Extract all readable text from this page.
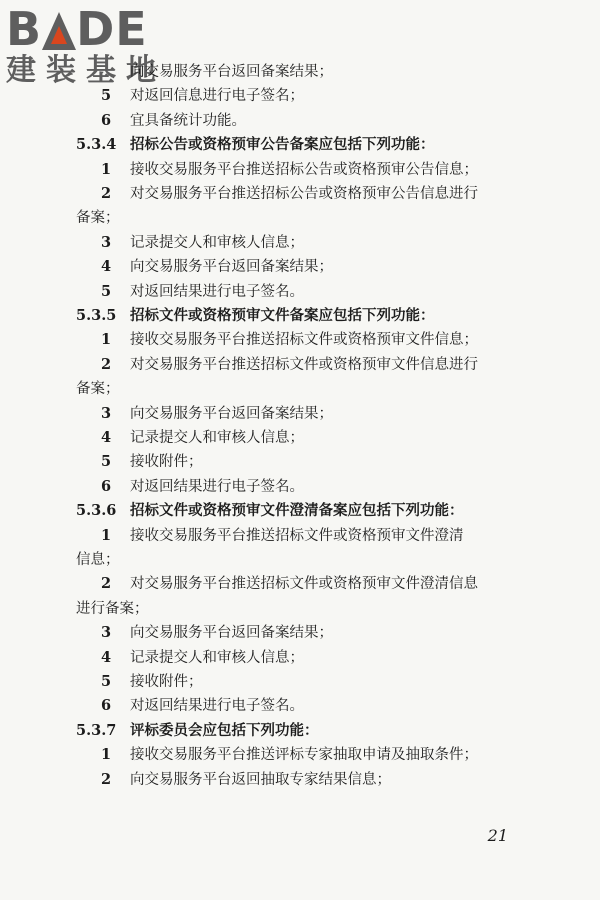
B DE
建装基地
向交易服务平台返回备案结果；
5 对返回信息进行电子签名；
6 宜具备统计功能。
5.3.4 招标公告或资格预审公告备案应包括下列功能：
1 接收交易服务平台推送招标公告或资格预审公告信息；
2 对交易服务平台推送招标公告或资格预审公告信息进行
备案；
3 记录提交人和审核人信息；
4 向交易服务平台返回备案结果；
5 对返回结果进行电子签名。
5.3.5 招标文件或资格预审文件备案应包括下列功能：
1 接收交易服务平台推送招标文件或资格预审文件信息；
2 对交易服务平台推送招标文件或资格预审文件信息进行
备案；
3 向交易服务平台返回备案结果；
4 记录提交人和审核人信息；
5 接收附件；
6 对返回结果进行电子签名。
5.3.6 招标文件或资格预审文件澄清备案应包括下列功能：
1 接收交易服务平台推送招标文件或资格预审文件澄清
信息；
2 对交易服务平台推送招标文件或资格预审文件澄清信息
进行备案；
3 向交易服务平台返回备案结果；
4 记录提交人和审核人信息；
5 接收附件；
6 对返回结果进行电子签名。
5.3.7 评标委员会应包括下列功能：
1 接收交易服务平台推送评标专家抽取申请及抽取条件；
2 向交易服务平台返回抽取专家结果信息；
21
